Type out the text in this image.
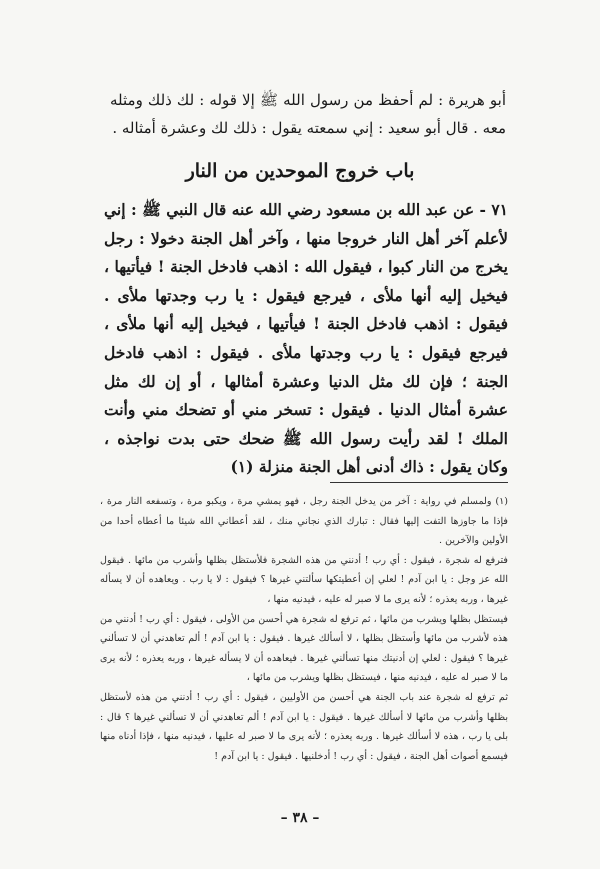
أبو هريرة : لم أحفظ من رسول الله ﷺ إلا قوله : لك ذلك ومثله معه . قال أبو سعيد : إني سمعته يقول : ذلك لك وعشرة أمثاله .

باب خروج الموحدين من النار

٧١ - عن عبد الله بن مسعود رضي الله عنه قال النبي ﷺ : إني لأعلم آخر أهل النار خروجا منها ، وآخر أهل الجنة دخولا : رجل يخرج من النار كبوا ، فيقول الله : اذهب فادخل الجنة ! فيأتيها ، فيخيل إليه أنها ملأى ، فيرجع فيقول : يا رب وجدتها ملأى . فيقول : اذهب فادخل الجنة ! فيأتيها ، فيخيل إليه أنها ملأى ، فيرجع فيقول : يا رب وجدتها ملأى . فيقول : اذهب فادخل الجنة ؛ فإن لك مثل الدنيا وعشرة أمثالها ، أو إن لك مثل عشرة أمثال الدنيا . فيقول : تسخر مني أو تضحك مني وأنت الملك ! لقد رأيت رسول الله ﷺ ضحك حتى بدت نواجذه ، وكان يقول : ذاك أدنى أهل الجنة منزلة (١)

(١) ولمسلم في رواية : آخر من يدخل الجنة رجل ، فهو يمشي مرة ، ويكبو مرة ، وتسفعه النار مرة ، فإذا ما جاوزها التفت إليها فقال : تبارك الذي نجاني منك ، لقد أعطاني الله شيئا ما أعطاه أحدا من الأولين والآخرين .

فترفع له شجرة ، فيقول : أي رب ! أدنني من هذه الشجرة فلأستظل بظلها وأشرب من مائها . فيقول الله عز وجل : يا ابن آدم ! لعلي إن أعطيتكها سألتني غيرها ؟ فيقول : لا يا رب . ويعاهده أن لا يسأله غيرها ، وربه يعذره ؛ لأنه يرى ما لا صبر له عليه ، فيدنيه منها ،

فيستظل بظلها ويشرب من مائها ، ثم ترفع له شجرة هي أحسن من الأولى ، فيقول : أي رب ! أدنني من هذه لأشرب من مائها وأستظل بظلها ، لا أسألك غيرها . فيقول : يا ابن آدم ! ألم تعاهدني أن لا تسألني غيرها ؟ فيقول : لعلي إن أدنيتك منها تسألني غيرها . فيعاهده أن لا يسأله غيرها ، وربه يعذره ؛ لأنه يرى ما لا صبر له عليه ، فيدنيه منها ، فيستظل بظلها ويشرب من مائها ،

ثم ترفع له شجرة عند باب الجنة هي أحسن من الأوليين ، فيقول : أي رب ! أدنني من هذه لأستظل بظلها وأشرب من مائها لا أسألك غيرها . فيقول : يا ابن آدم ! ألم تعاهدني أن لا تسألني غيرها ؟ قال : بلى يا رب ، هذه لا أسألك غيرها . وربه يعذره ؛ لأنه يرى ما لا صبر له عليها ، فيدنيه منها ، فإذا أدناه منها فيسمع أصوات أهل الجنة ، فيقول : أي رب ! أدخلنيها . فيقول : يا ابن آدم !

– ٣٨ –
